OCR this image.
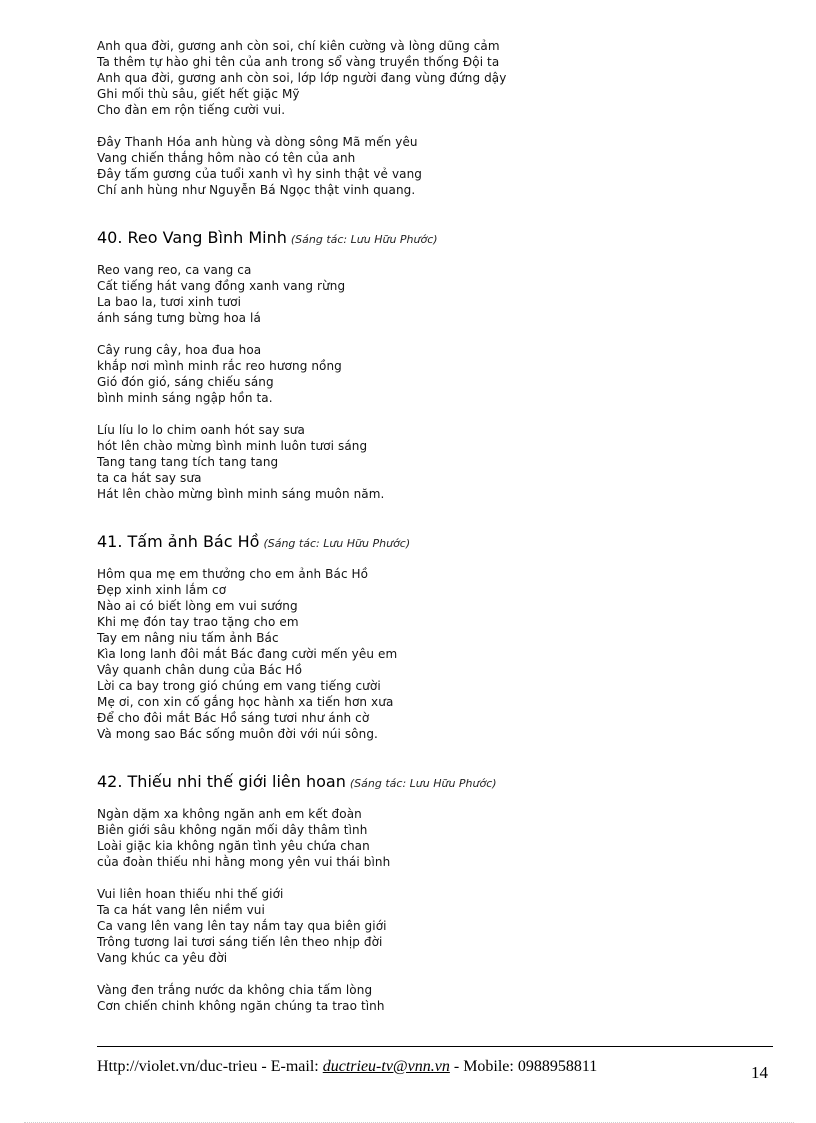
Anh qua đời, gương anh còn soi, chí kiên cường và lòng dũng cảm
Ta thêm tự hào ghi tên của anh trong sổ vàng truyền thống Đội ta
Anh qua đời, gương anh còn soi, lớp lớp người đang vùng đứng dậy
Ghi mối thù sâu, giết hết giặc Mỹ
Cho đàn em rộn tiếng cười vui.
Đây Thanh Hóa anh hùng và dòng sông Mã mến yêu
Vang chiến thắng hôm nào có tên của anh
Đây tấm gương của tuổi xanh vì hy sinh thật vẻ vang
Chí anh hùng như Nguyễn Bá Ngọc thật vinh quang.
40. Reo Vang Bình Minh (Sáng tác: Lưu Hữu Phước)
Reo vang reo, ca vang ca
Cất tiếng hát vang đồng xanh vang rừng
La bao la, tươi xinh tươi
ánh sáng tưng bừng hoa lá
Cây rung cây, hoa đua hoa
khắp nơi mình minh rắc reo hương nồng
Gió đón gió, sáng chiếu sáng
bình minh sáng ngập hồn ta.
Líu líu lo lo chim oanh hót say sưa
hót lên chào mừng bình minh luôn tươi sáng
Tang tang tang tích tang tang
ta ca hát say sưa
Hát lên chào mừng bình minh sáng muôn năm.
41. Tấm ảnh Bác Hồ (Sáng tác: Lưu Hữu Phước)
Hôm qua mẹ em thưởng cho em ảnh Bác Hồ
Đẹp xinh xinh lắm cơ
Nào ai có biết lòng em vui sướng
Khi mẹ đón tay trao tặng cho em
Tay em nâng niu tấm ảnh Bác
Kìa long lanh đôi mắt Bác đang cười mến yêu em
Vây quanh chân dung của Bác Hồ
Lời ca bay trong gió chúng em vang tiếng cười
Mẹ ơi, con xin cố gắng học hành xa tiến hơn xưa
Để cho đôi mắt Bác Hồ sáng tươi như ánh cờ
Và mong sao Bác sống muôn đời với núi sông.
42. Thiếu nhi thế giới liên hoan (Sáng tác: Lưu Hữu Phước)
Ngàn dặm xa không ngăn anh em kết đoàn
Biên giới sâu không ngăn mối dây thâm tình
Loài giặc kia không ngăn tình yêu chứa chan
của đoàn thiếu nhi hằng mong yên vui thái bình
Vui liên hoan thiếu nhi thế giới
Ta ca hát vang lên niềm vui
Ca vang lên vang lên tay nắm tay qua biên giới
Trông tương lai tươi sáng tiến lên theo nhịp đời
Vang khúc ca yêu đời
Vàng đen trắng nước da không chia tấm lòng
Cơn chiến chinh không ngăn chúng ta trao tình
Http://violet.vn/duc-trieu - E-mail: ductrieu-tv@vnn.vn - Mobile: 0988958811	14
